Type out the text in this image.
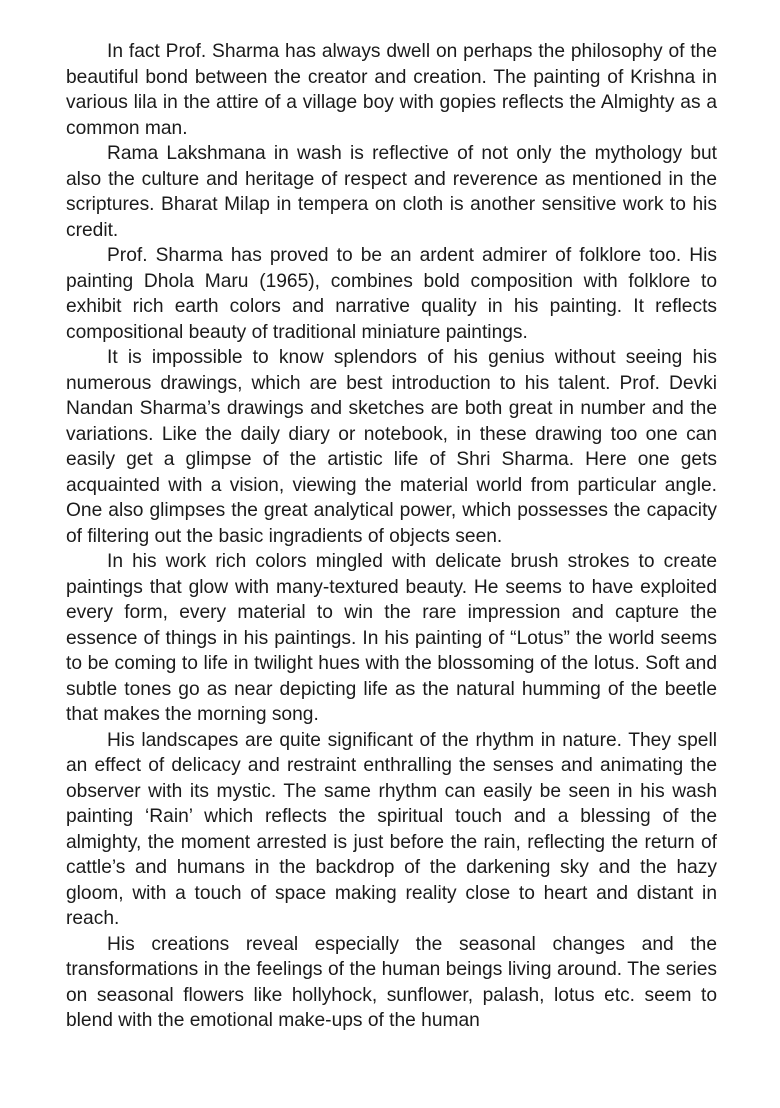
In fact Prof. Sharma has always dwell on perhaps the philosophy of the beautiful bond between the creator and creation. The painting of Krishna in various lila in the attire of a village boy with gopies reflects the Almighty as a common man.

Rama Lakshmana in wash is reflective of not only the mythology but also the culture and heritage of respect and reverence as mentioned in the scriptures. Bharat Milap in tempera on cloth is another sensitive work to his credit.

Prof. Sharma has proved to be an ardent admirer of folklore too. His painting Dhola Maru (1965), combines bold composition with folklore to exhibit rich earth colors and narrative quality in his painting. It reflects compositional beauty of traditional miniature paintings.

It is impossible to know splendors of his genius without seeing his numerous drawings, which are best introduction to his talent. Prof. Devki Nandan Sharma’s drawings and sketches are both great in number and the variations. Like the daily diary or notebook, in these drawing too one can easily get a glimpse of the artistic life of Shri Sharma. Here one gets acquainted with a vision, viewing the material world from particular angle. One also glimpses the great analytical power, which possesses the capacity of filtering out the basic ingradients of objects seen.

In his work rich colors mingled with delicate brush strokes to create paintings that glow with many-textured beauty. He seems to have exploited every form, every material to win the rare impression and capture the essence of things in his paintings. In his painting of “Lotus” the world seems to be coming to life in twilight hues with the blossoming of the lotus. Soft and subtle tones go as near depicting life as the natural humming of the beetle that makes the morning song.

His landscapes are quite significant of the rhythm in nature. They spell an effect of delicacy and restraint enthralling the senses and animating the observer with its mystic. The same rhythm can easily be seen in his wash painting ‘Rain’ which reflects the spiritual touch and a blessing of the almighty, the moment arrested is just before the rain, reflecting the return of cattle’s and humans in the backdrop of the darkening sky and the hazy gloom, with a touch of space making reality close to heart and distant in reach.

His creations reveal especially the seasonal changes and the transformations in the feelings of the human beings living around. The series on seasonal flowers like hollyhock, sunflower, palash, lotus etc. seem to blend with the emotional make-ups of the human
